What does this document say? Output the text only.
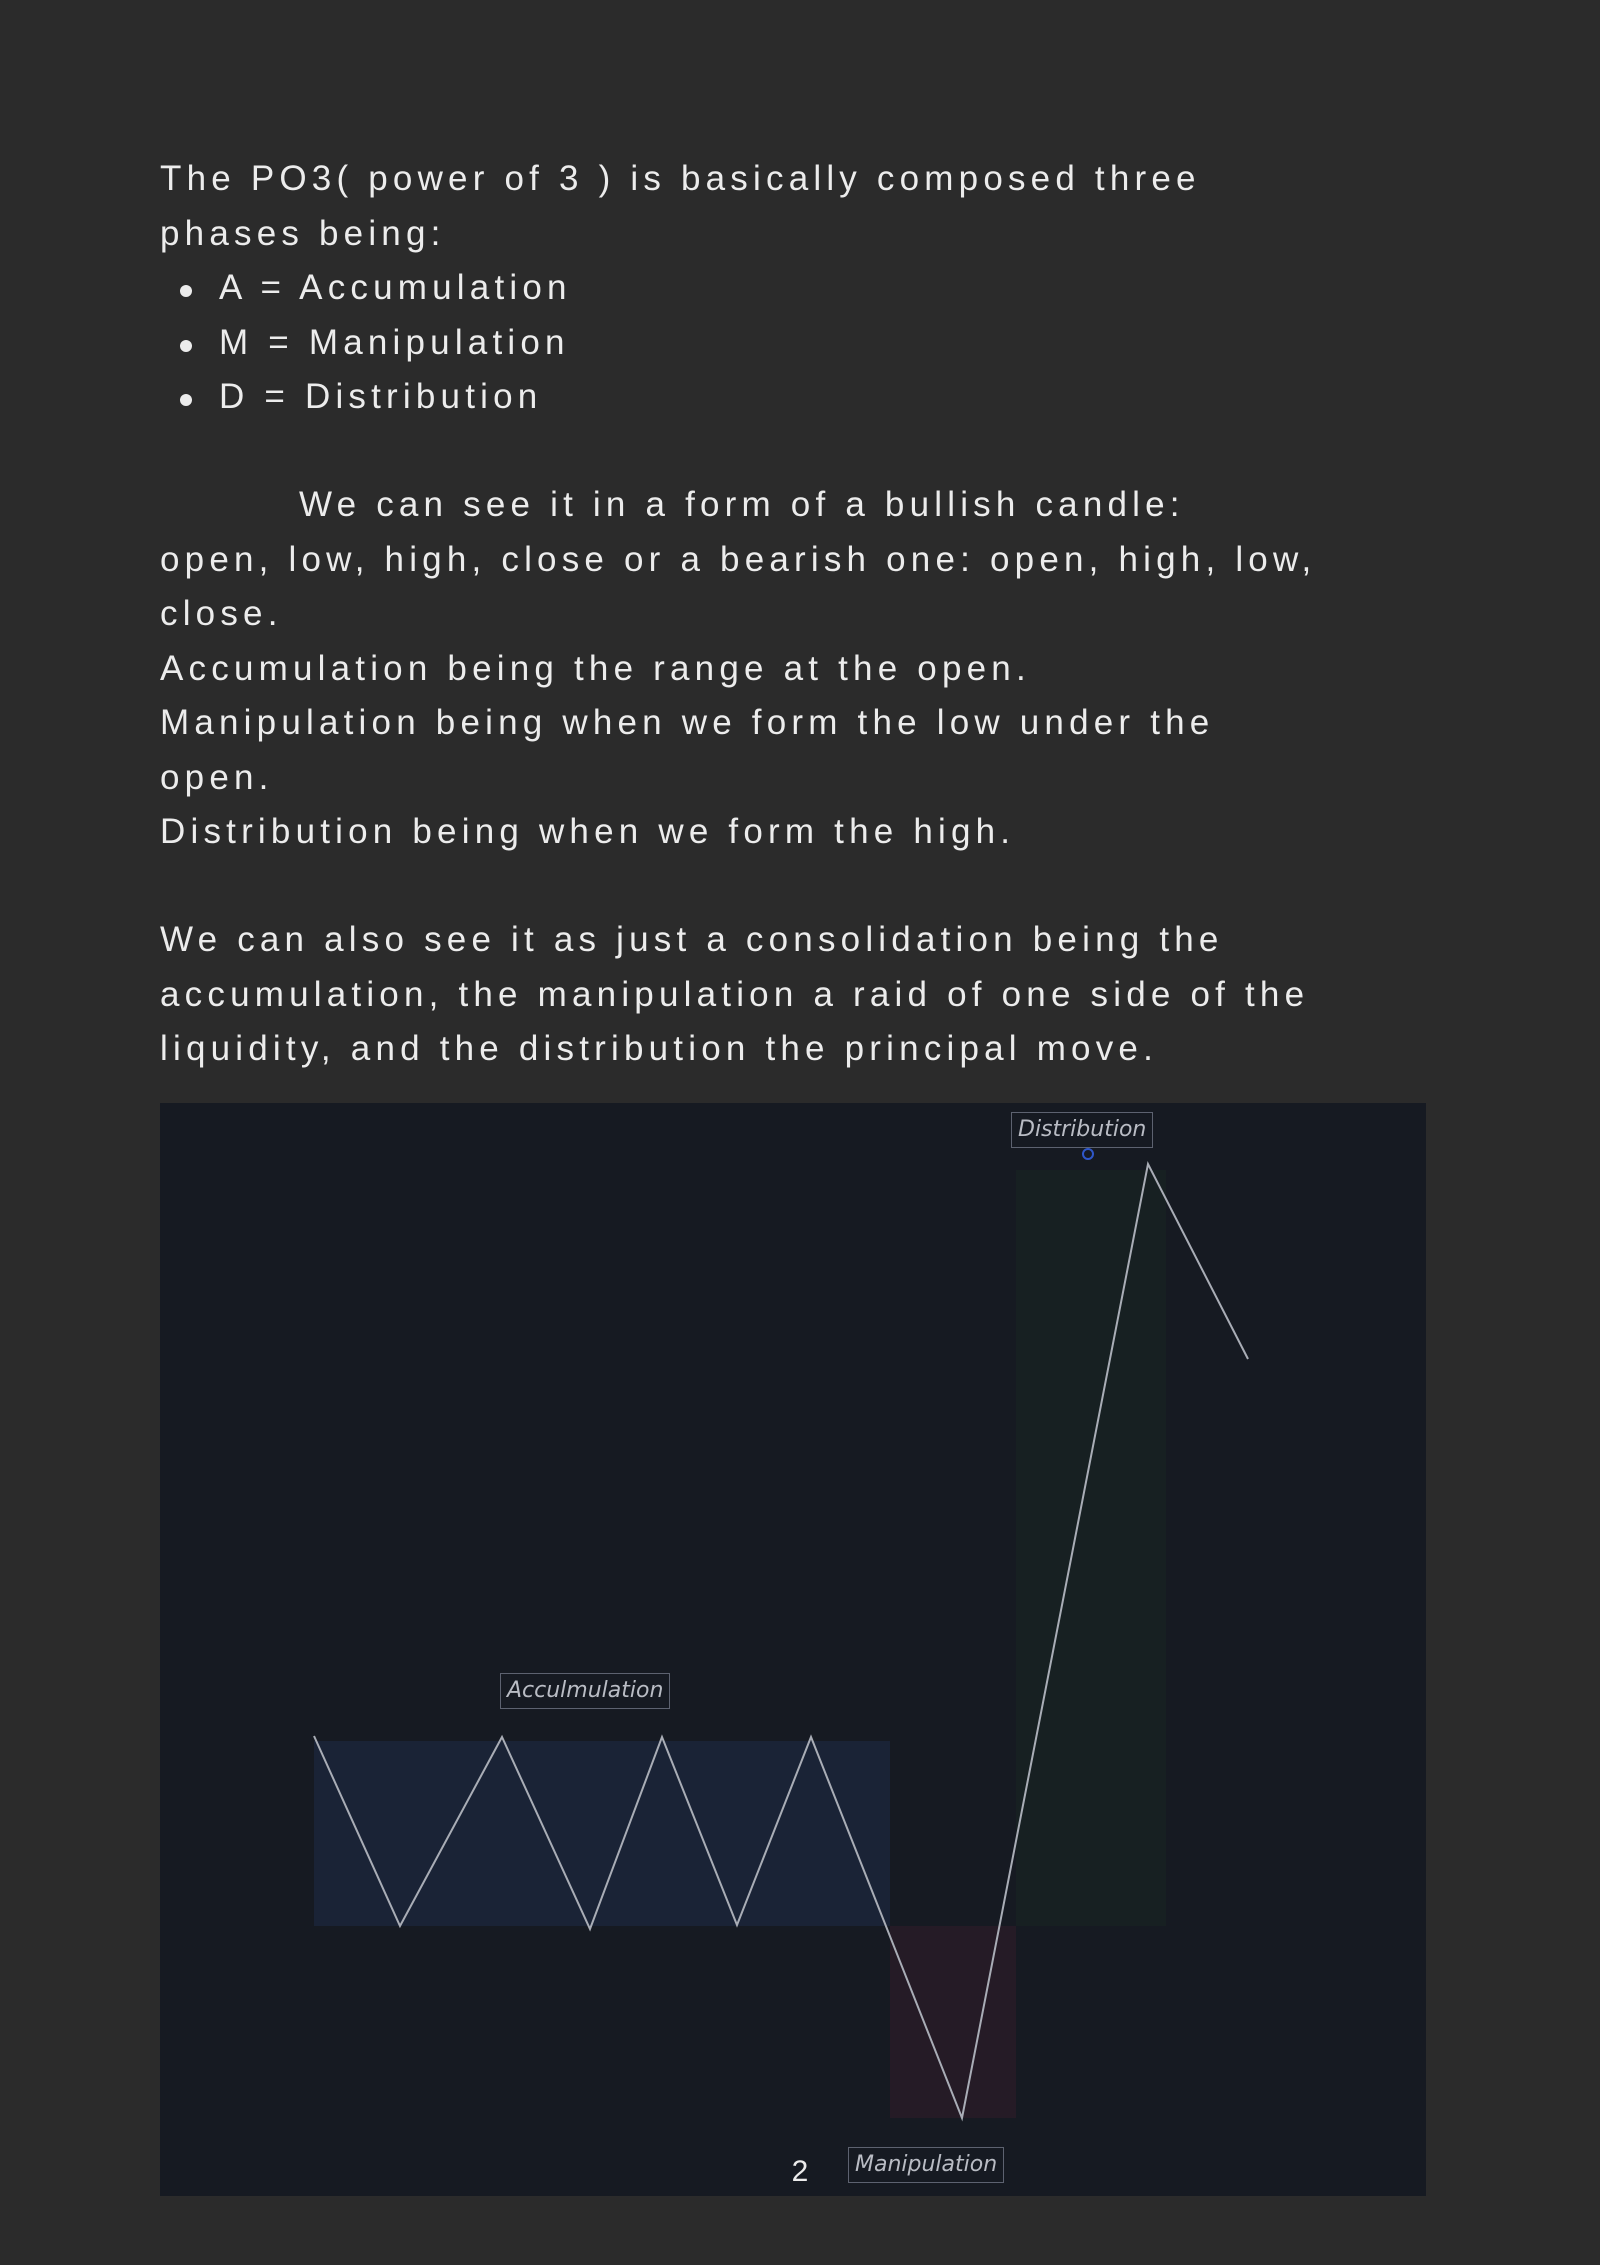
The PO3( power of 3 ) is basically composed three

phases being:

A = Accumulation
M = Manipulation
D = Distribution

We can see it in a form of a bullish candle:

open, low, high, close or a bearish one: open, high, low,

close.

Accumulation being the range at the open.

Manipulation being when we form the low under the

open.

Distribution being when we form the high.

We can also see it as just a consolidation being the

accumulation, the manipulation a raid of one side of the

liquidity, and the distribution the principal move.

Acculmulation
Distribution
Manipulation
2
